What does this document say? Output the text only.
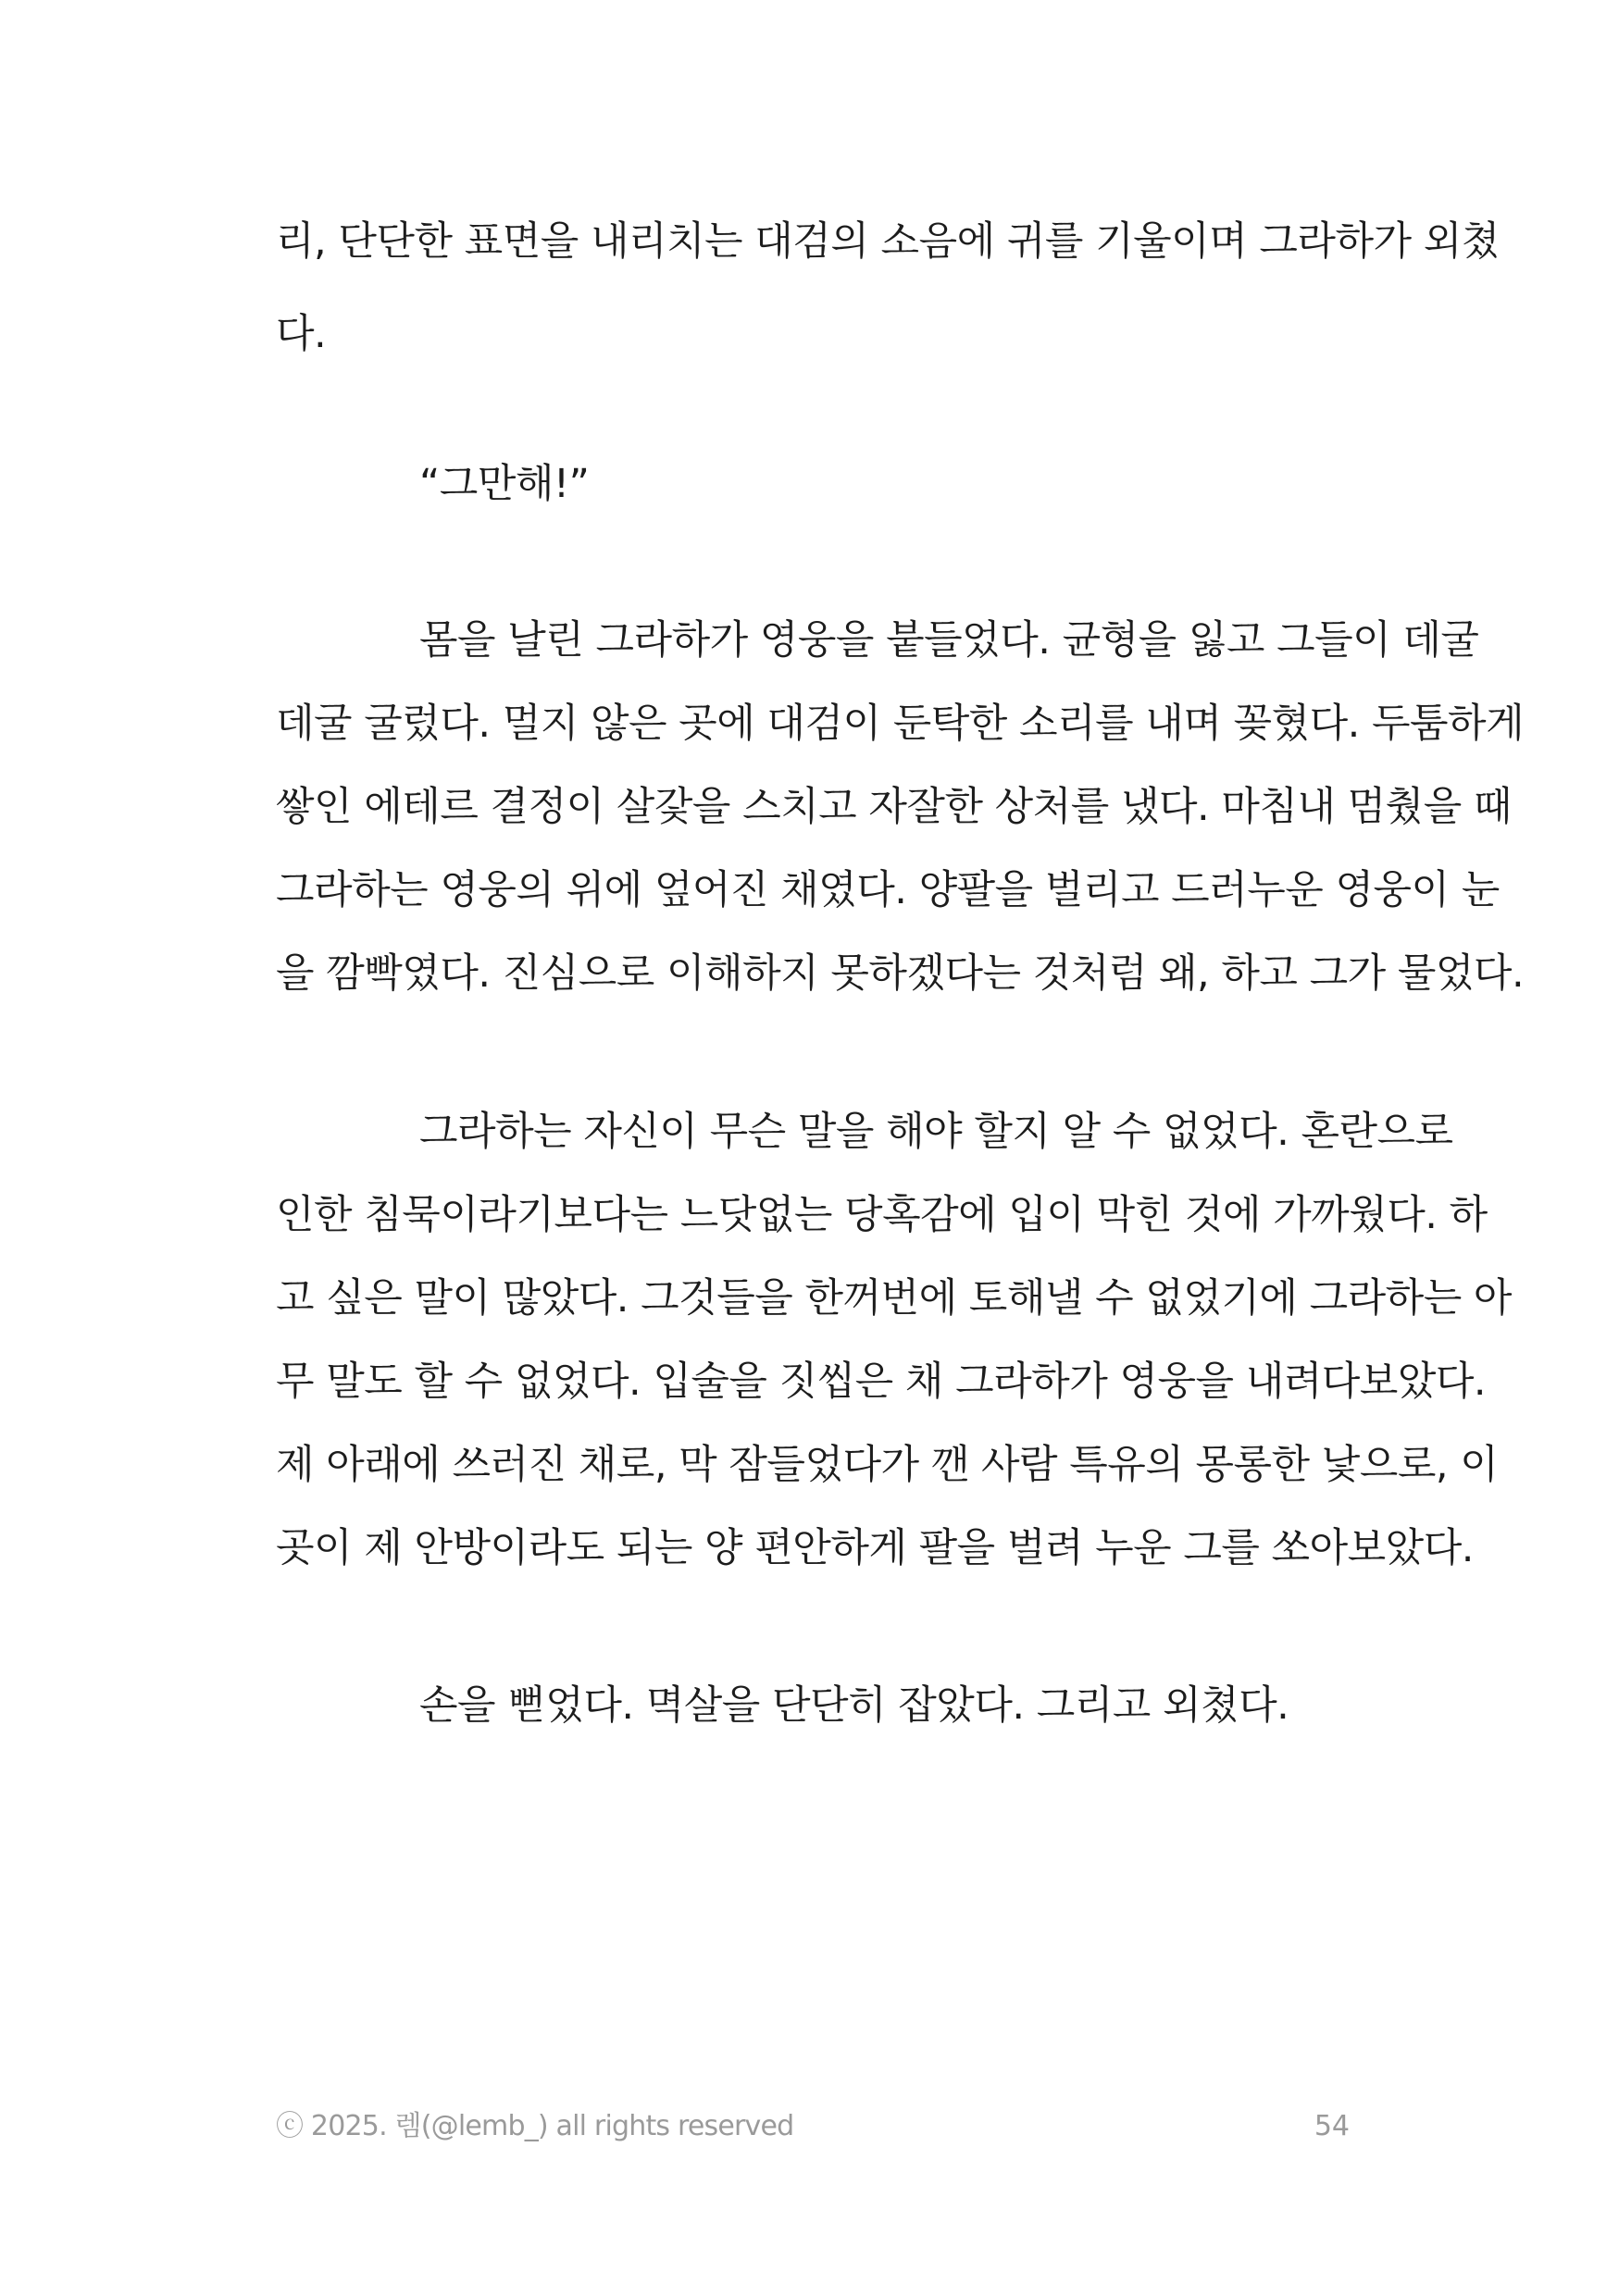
리, 단단한 표면을 내리치는 대검의 소음에 귀를 기울이며 그라하가 외쳤
다.
“그만해!”
몸을 날린 그라하가 영웅을 붙들었다. 균형을 잃고 그들이 데굴
데굴 굴렀다. 멀지 않은 곳에 대검이 둔탁한 소리를 내며 꽂혔다. 두툼하게
쌓인 에테르 결정이 살갗을 스치고 자잘한 상처를 냈다. 마침내 멈췄을 때
그라하는 영웅의 위에 엎어진 채였다. 양팔을 벌리고 드러누운 영웅이 눈
을 깜빡였다. 진심으로 이해하지 못하겠다는 것처럼 왜, 하고 그가 물었다.
그라하는 자신이 무슨 말을 해야 할지 알 수 없었다. 혼란으로
인한 침묵이라기보다는 느닷없는 당혹감에 입이 막힌 것에 가까웠다. 하
고 싶은 말이 많았다. 그것들을 한꺼번에 토해낼 수 없었기에 그라하는 아
무 말도 할 수 없었다. 입술을 짓씹은 채 그라하가 영웅을 내려다보았다.
제 아래에 쓰러진 채로, 막 잠들었다가 깬 사람 특유의 몽롱한 낯으로, 이
곳이 제 안방이라도 되는 양 편안하게 팔을 벌려 누운 그를 쏘아보았다.
손을 뻗었다. 멱살을 단단히 잡았다. 그리고 외쳤다.
ⓒ 2025. 렘(@lemb_) all rights reserved	54
